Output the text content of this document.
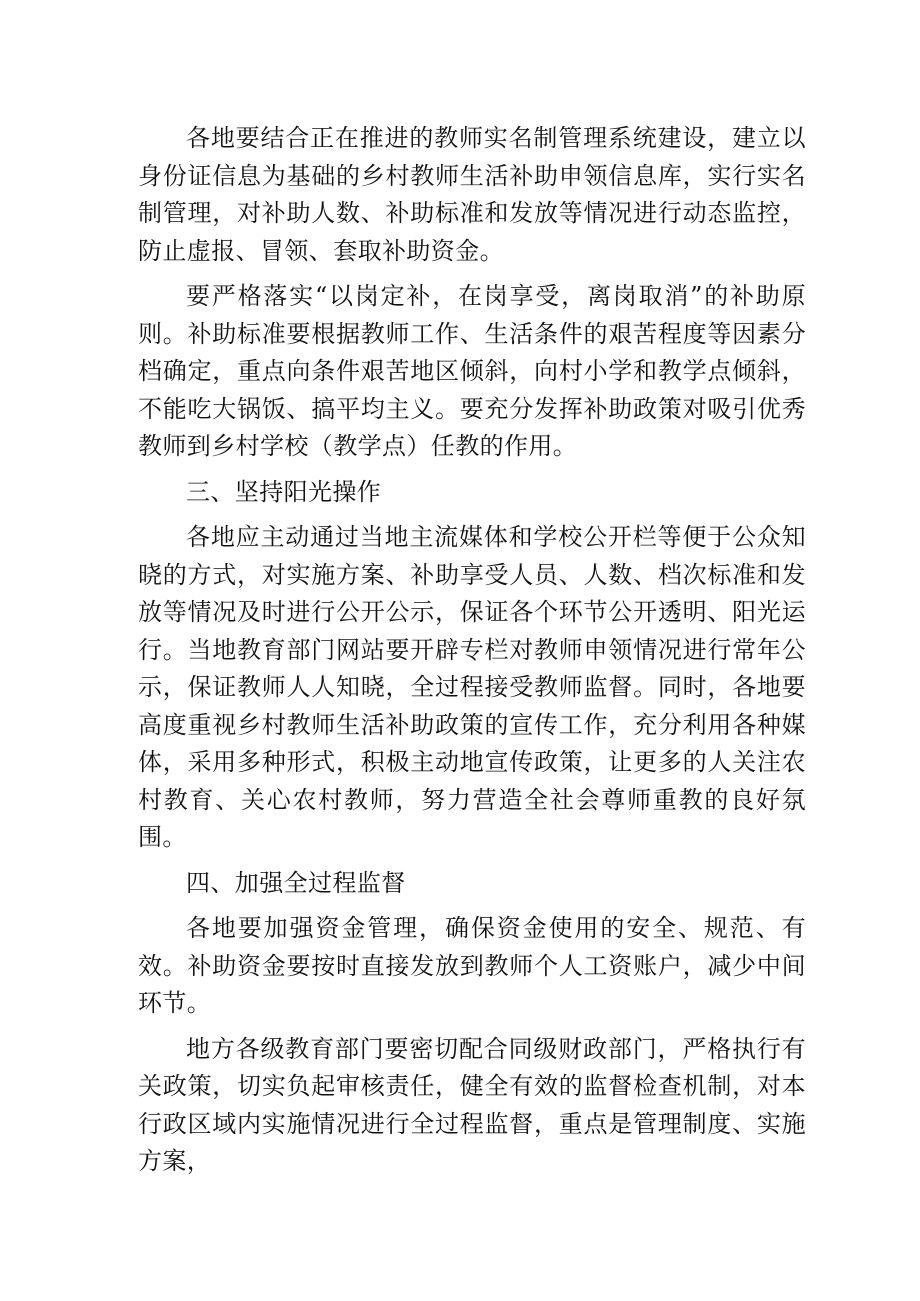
各地要结合正在推进的教师实名制管理系统建设，建立以身份证信息为基础的乡村教师生活补助申领信息库，实行实名制管理，对补助人数、补助标准和发放等情况进行动态监控，防止虚报、冒领、套取补助资金。

要严格落实“以岗定补，在岗享受，离岗取消”的补助原则。补助标准要根据教师工作、生活条件的艰苦程度等因素分档确定，重点向条件艰苦地区倾斜，向村小学和教学点倾斜，不能吃大锅饭、搞平均主义。要充分发挥补助政策对吸引优秀教师到乡村学校（教学点）任教的作用。

三、坚持阳光操作

各地应主动通过当地主流媒体和学校公开栏等便于公众知晓的方式，对实施方案、补助享受人员、人数、档次标准和发放等情况及时进行公开公示，保证各个环节公开透明、阳光运行。当地教育部门网站要开辟专栏对教师申领情况进行常年公示，保证教师人人知晓，全过程接受教师监督。同时，各地要高度重视乡村教师生活补助政策的宣传工作，充分利用各种媒体，采用多种形式，积极主动地宣传政策，让更多的人关注农村教育、关心农村教师，努力营造全社会尊师重教的良好氛围。

四、加强全过程监督

各地要加强资金管理，确保资金使用的安全、规范、有效。补助资金要按时直接发放到教师个人工资账户，减少中间环节。

地方各级教育部门要密切配合同级财政部门，严格执行有关政策，切实负起审核责任，健全有效的监督检查机制，对本行政区域内实施情况进行全过程监督，重点是管理制度、实施方案，
